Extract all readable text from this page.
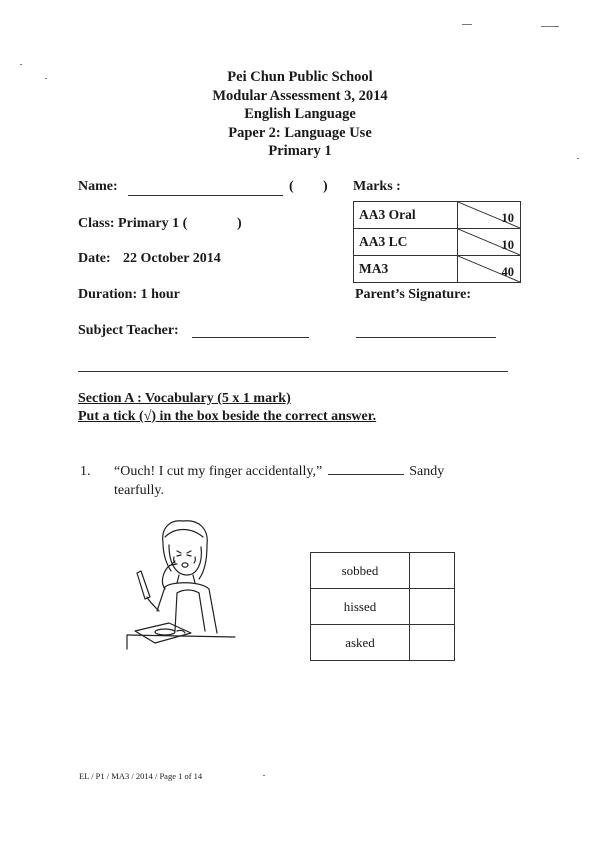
Pei Chun Public School
Modular Assessment 3, 2014
English Language
Paper 2: Language Use
Primary 1
Name:	( )
Class: Primary 1 (	)
Date: 22 October 2014
Duration: 1 hour
Subject Teacher:
Marks :
AA3 Oral	10

AA3 LC	10

MA3	40
Parent’s Signature:
Section A : Vocabulary (5 x 1 mark)
Put a tick (√) in the box beside the correct answer.
1. “Ouch! I cut my finger accidentally,”	Sandy
tearfully.
sobbed	
hissed	
asked	
EL / P1 / MA3 / 2014 / Page 1 of 14
